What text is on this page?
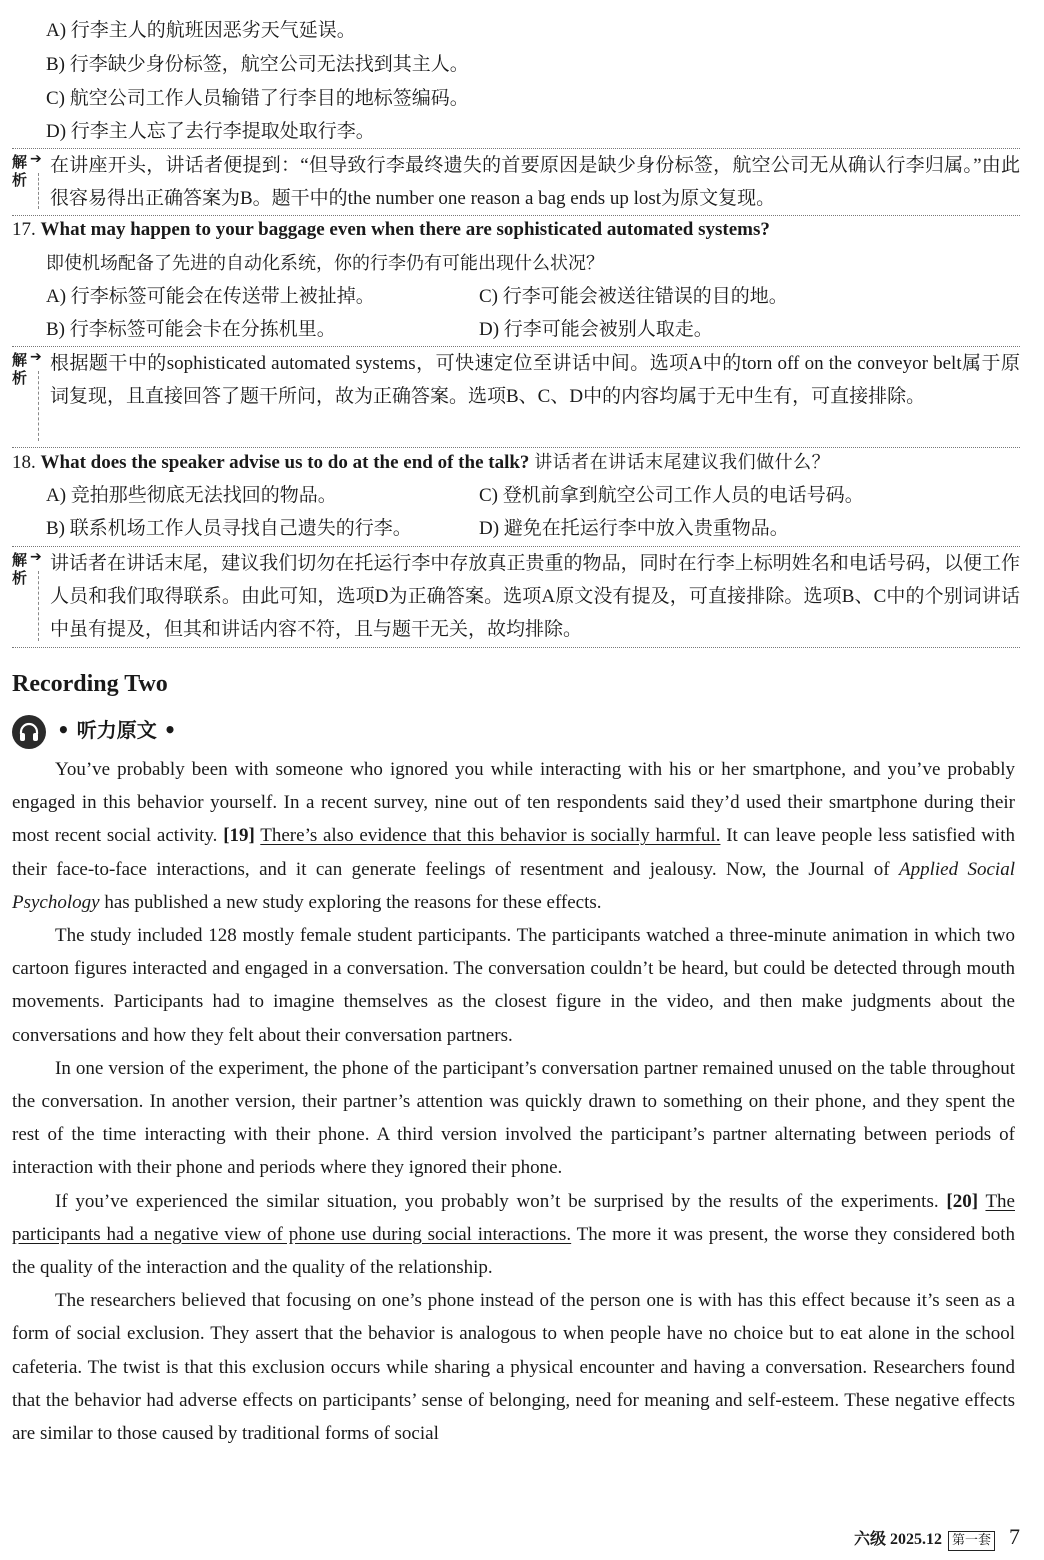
A) 行李主人的航班因恶劣天气延误。
B) 行李缺少身份标签，航空公司无法找到其主人。
C) 航空公司工作人员输错了行李目的地标签编码。
D) 行李主人忘了去行李提取处取行李。
解析
➔ 在讲座开头，讲话者便提到：“但导致行李最终遗失的首要原因是缺少身份标签，航空公司无从确认行李归属。”由此很容易得出正确答案为B。题干中的the number one reason a bag ends up lost为原文复现。
17. What may happen to your baggage even when there are sophisticated automated systems?
即使机场配备了先进的自动化系统，你的行李仍有可能出现什么状况？
A) 行李标签可能会在传送带上被扯掉。	C) 行李可能会被送往错误的目的地。
B) 行李标签可能会卡在分拣机里。	D) 行李可能会被别人取走。
解析
➔ 根据题干中的sophisticated automated systems，可快速定位至讲话中间。选项A中的torn off on the conveyor belt属于原词复现，且直接回答了题干所问，故为正确答案。选项B、C、D中的内容均属于无中生有，可直接排除。
18. What does the speaker advise us to do at the end of the talk? 讲话者在讲话末尾建议我们做什么？
A) 竞拍那些彻底无法找回的物品。	C) 登机前拿到航空公司工作人员的电话号码。
B) 联系机场工作人员寻找自己遗失的行李。	D) 避免在托运行李中放入贵重物品。
解析
➔ 讲话者在讲话末尾，建议我们切勿在托运行李中存放真正贵重的物品，同时在行李上标明姓名和电话号码，以便工作人员和我们取得联系。由此可知，选项D为正确答案。选项A原文没有提及，可直接排除。选项B、C中的个别词讲话中虽有提及，但其和讲话内容不符，且与题干无关，故均排除。
Recording Two
• 听力原文 •

You’ve probably been with someone who ignored you while interacting with his or her smartphone, and you’ve probably engaged in this behavior yourself. In a recent survey, nine out of ten respondents said they’d used their smartphone during their most recent social activity. [19] There’s also evidence that this behavior is socially harmful. It can leave people less satisfied with their face-to-face interactions, and it can generate feelings of resentment and jealousy. Now, the Journal of Applied Social Psychology has published a new study exploring the reasons for these effects.

The study included 128 mostly female student participants. The participants watched a three-minute animation in which two cartoon figures interacted and engaged in a conversation. The conversation couldn’t be heard, but could be detected through mouth movements. Participants had to imagine themselves as the closest figure in the video, and then make judgments about the conversations and how they felt about their conversation partners.

In one version of the experiment, the phone of the participant’s conversation partner remained unused on the table throughout the conversation. In another version, their partner’s attention was quickly drawn to something on their phone, and they spent the rest of the time interacting with their phone. A third version involved the participant’s partner alternating between periods of interaction with their phone and periods where they ignored their phone.

If you’ve experienced the similar situation, you probably won’t be surprised by the results of the experiments. [20] The participants had a negative view of phone use during social interactions. The more it was present, the worse they considered both the quality of the interaction and the quality of the relationship.

The researchers believed that focusing on one’s phone instead of the person one is with has this effect because it’s seen as a form of social exclusion. They assert that the behavior is analogous to when people have no choice but to eat alone in the school cafeteria. The twist is that this exclusion occurs while sharing a physical encounter and having a conversation. Researchers found that the behavior had adverse effects on participants’ sense of belonging, need for meaning and self-esteem. These negative effects are similar to those caused by traditional forms of social

六级 2025.12 第一套 7
